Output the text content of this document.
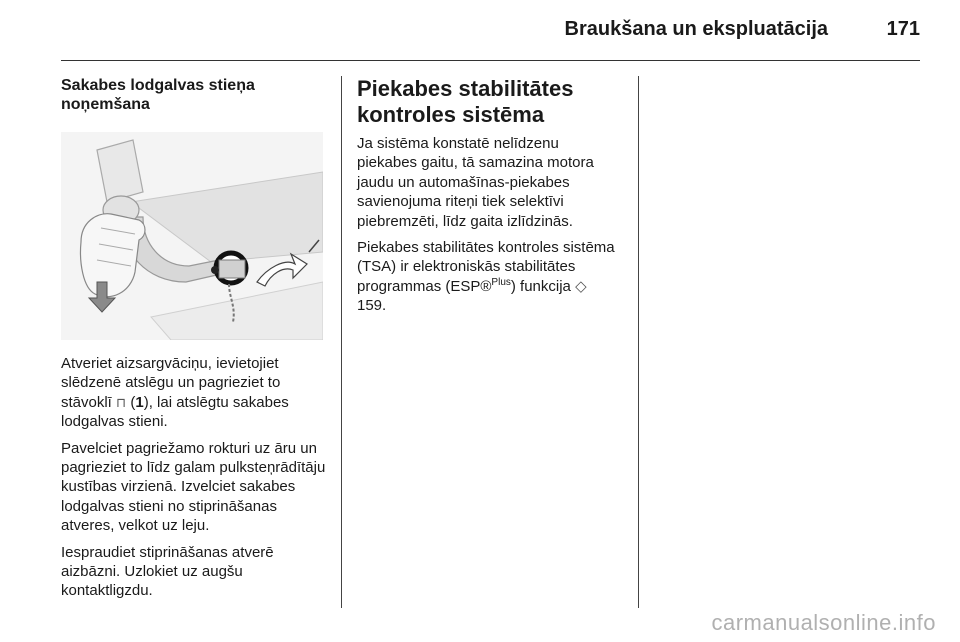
Braukšana un ekspluatācija	171
Sakabes lodgalvas stieņa
noņemšana

Atveriet aizsargvāciņu, ievietojiet slēdzenē atslēgu un pagrieziet to stāvoklī ⊓ (1), lai atslēgtu sakabes lodgalvas stieni.

Pavelciet pagriežamo rokturi uz āru un pagrieziet to līdz galam pulksteņrādītāju kustības virzienā. Izvelciet sakabes lodgalvas stieni no stiprināšanas atveres, velkot uz leju.

Iespraudiet stiprināšanas atverē aizbāzni. Uzlokiet uz augšu kontaktligzdu.

Piekabes stabilitātes
kontroles sistēma

Ja sistēma konstatē nelīdzenu piekabes gaitu, tā samazina motora jaudu un automašīnas-piekabes savienojuma riteņi tiek selektīvi piebremzēti, līdz gaita izlīdzinās.

Piekabes stabilitātes kontroles sistēma (TSA) ir elektroniskās stabilitātes programmas (ESP®$^{Plus}$) funkcija ◇ 159.

carmanualsonline.info
